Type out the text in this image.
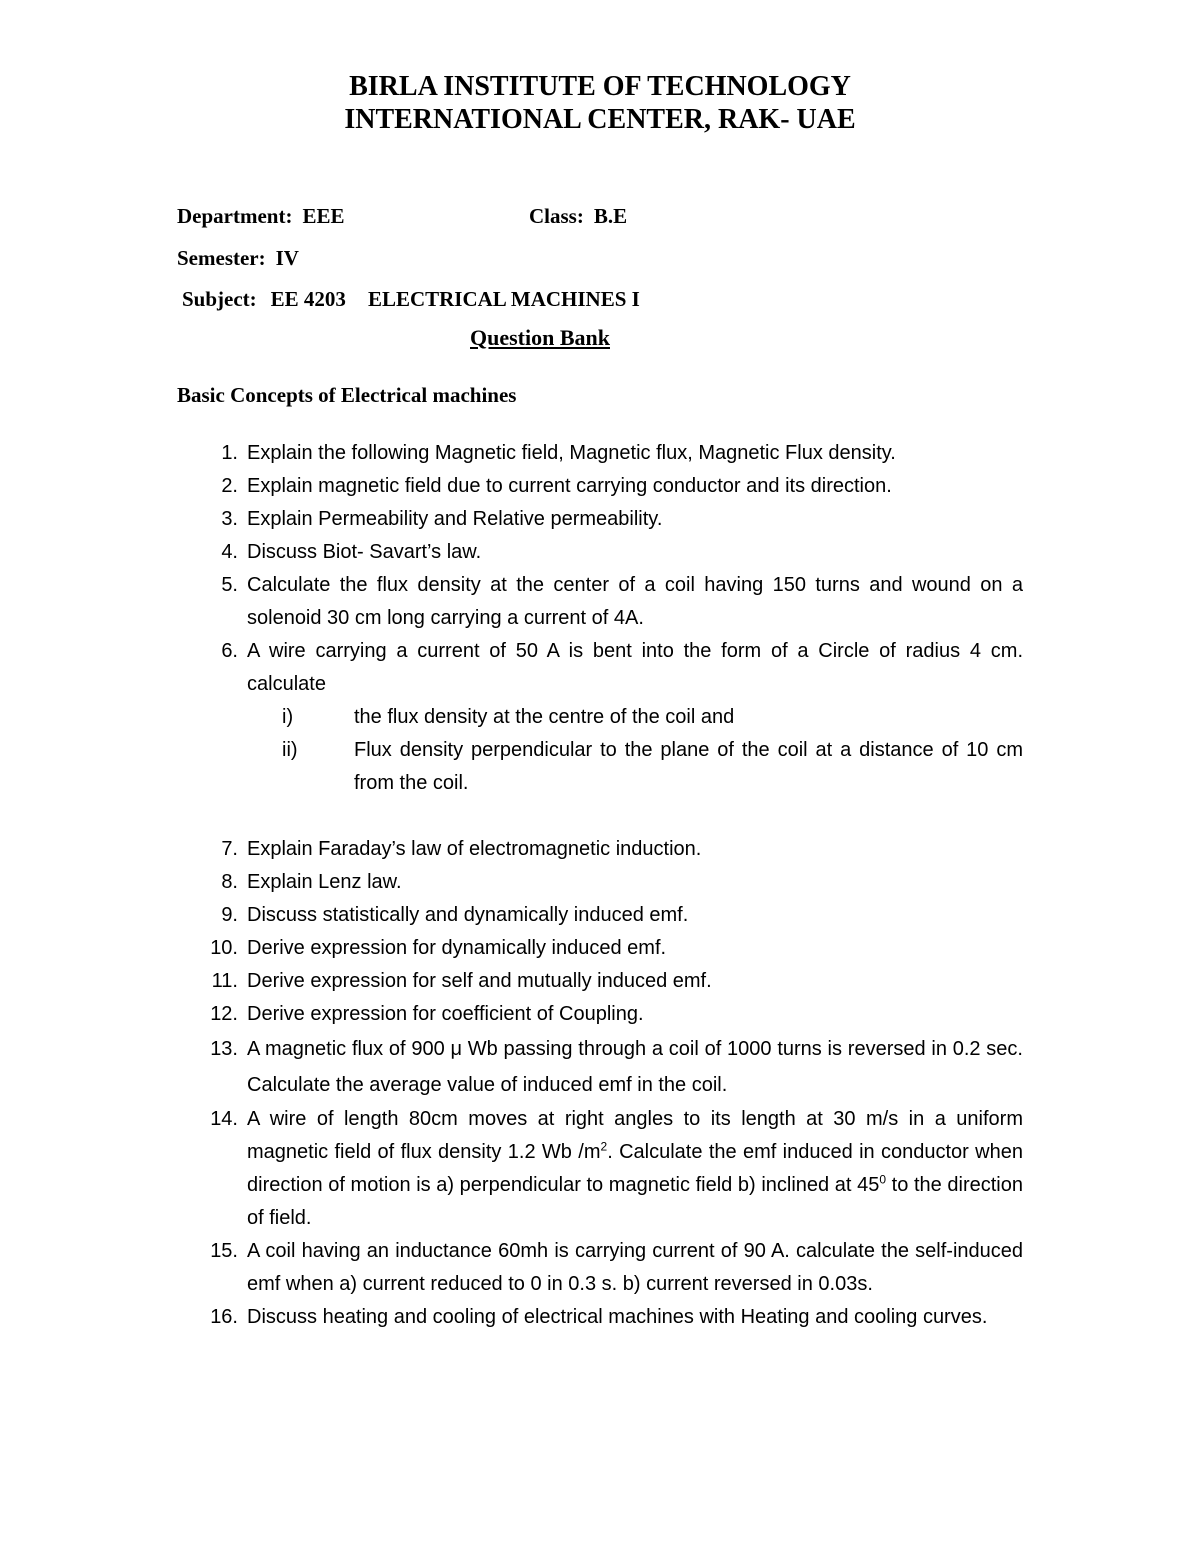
BIRLA INSTITUTE OF TECHNOLOGY
INTERNATIONAL CENTER, RAK- UAE
Department: EEE	Class: B.E
Semester: IV
Subject: EE 4203 ELECTRICAL MACHINES I
Question Bank
Basic Concepts of Electrical machines
1. Explain the following Magnetic field, Magnetic flux, Magnetic Flux density.
2. Explain magnetic field due to current carrying conductor and its direction.
3. Explain Permeability and Relative permeability.
4. Discuss Biot- Savart’s law.
5. Calculate the flux density at the center of a coil having 150 turns and wound on a solenoid 30 cm long carrying a current of 4A.
6. A wire carrying a current of 50 A is bent into the form of a Circle of radius 4 cm. calculate
i)	the flux density at the centre of the coil and
ii)	Flux density perpendicular to the plane of the coil at a distance of 10 cm from the coil.
7. Explain Faraday’s law of electromagnetic induction.
8. Explain Lenz law.
9. Discuss statistically and dynamically induced emf.
10. Derive expression for dynamically induced emf.
11. Derive expression for self and mutually induced emf.
12. Derive expression for coefficient of Coupling.
13. A magnetic flux of 900 μ Wb passing through a coil of 1000 turns is reversed in 0.2 sec. Calculate the average value of induced emf in the coil.
14. A wire of length 80cm moves at right angles to its length at 30 m/s in a uniform magnetic field of flux density 1.2 Wb $/m^2$. Calculate the emf induced in conductor when direction of motion is a) perpendicular to magnetic field b) inclined at $45^0$ to the direction of field.
15. A coil having an inductance 60mh is carrying current of 90 A. calculate the self-induced emf when a) current reduced to 0 in 0.3 s. b) current reversed in 0.03s.
16. Discuss heating and cooling of electrical machines with Heating and cooling curves.
